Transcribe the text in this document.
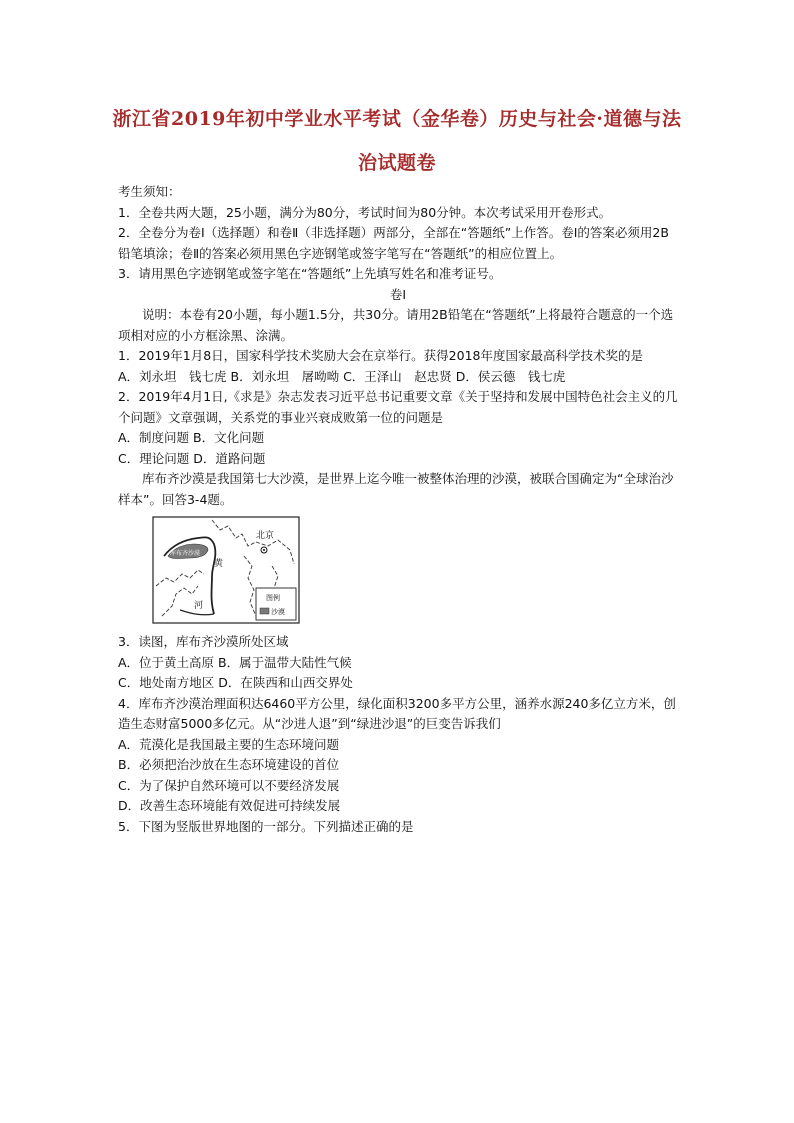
浙江省2019年初中学业水平考试（金华卷）历史与社会·道德与法
治试题卷

考生须知：

1．全卷共两大题，25小题，满分为80分，考试时间为80分钟。本次考试采用开卷形式。

2．全卷分为卷Ⅰ（选择题）和卷Ⅱ（非选择题）两部分，全部在“答题纸”上作答。卷Ⅰ的答案必须用2B铅笔填涂；卷Ⅱ的答案必须用黑色字迹钢笔或签字笔写在“答题纸”的相应位置上。

3．请用黑色字迹钢笔或签字笔在“答题纸”上先填写姓名和准考证号。

卷Ⅰ

说明：本卷有20小题，每小题1.5分，共30分。请用2B铅笔在“答题纸”上将最符合题意的一个选项相对应的小方框涂黑、涂满。

1．2019年1月8日，国家科学技术奖励大会在京举行。获得2018年度国家最高科学技术奖的是

A．刘永坦　钱七虎 B．刘永坦　屠呦呦 C．王泽山　赵忠贤 D．侯云德　钱七虎

2．2019年4月1日,《求是》杂志发表习近平总书记重要文章《关于坚持和发展中国特色社会主义的几个问题》文章强调，关系党的事业兴衰成败第一位的问题是

A．制度问题 B．文化问题

C．理论问题 D．道路问题

库布齐沙漠是我国第七大沙漠，是世界上迄今唯一被整体治理的沙漠，被联合国确定为“全球治沙样本”。回答3-4题。

北京
库布齐沙漠
黄
河
图例
沙漠

3．读图，库布齐沙漠所处区域

A．位于黄土高原 B．属于温带大陆性气候

C．地处南方地区 D．在陕西和山西交界处

4．库布齐沙漠治理面积达6460平方公里，绿化面积3200多平方公里，涵养水源240多亿立方米，创造生态财富5000多亿元。从“沙进人退”到“绿进沙退”的巨变告诉我们

A．荒漠化是我国最主要的生态环境问题

B．必须把治沙放在生态环境建设的首位

C．为了保护自然环境可以不要经济发展

D．改善生态环境能有效促进可持续发展

5．下图为竖版世界地图的一部分。下列描述正确的是
